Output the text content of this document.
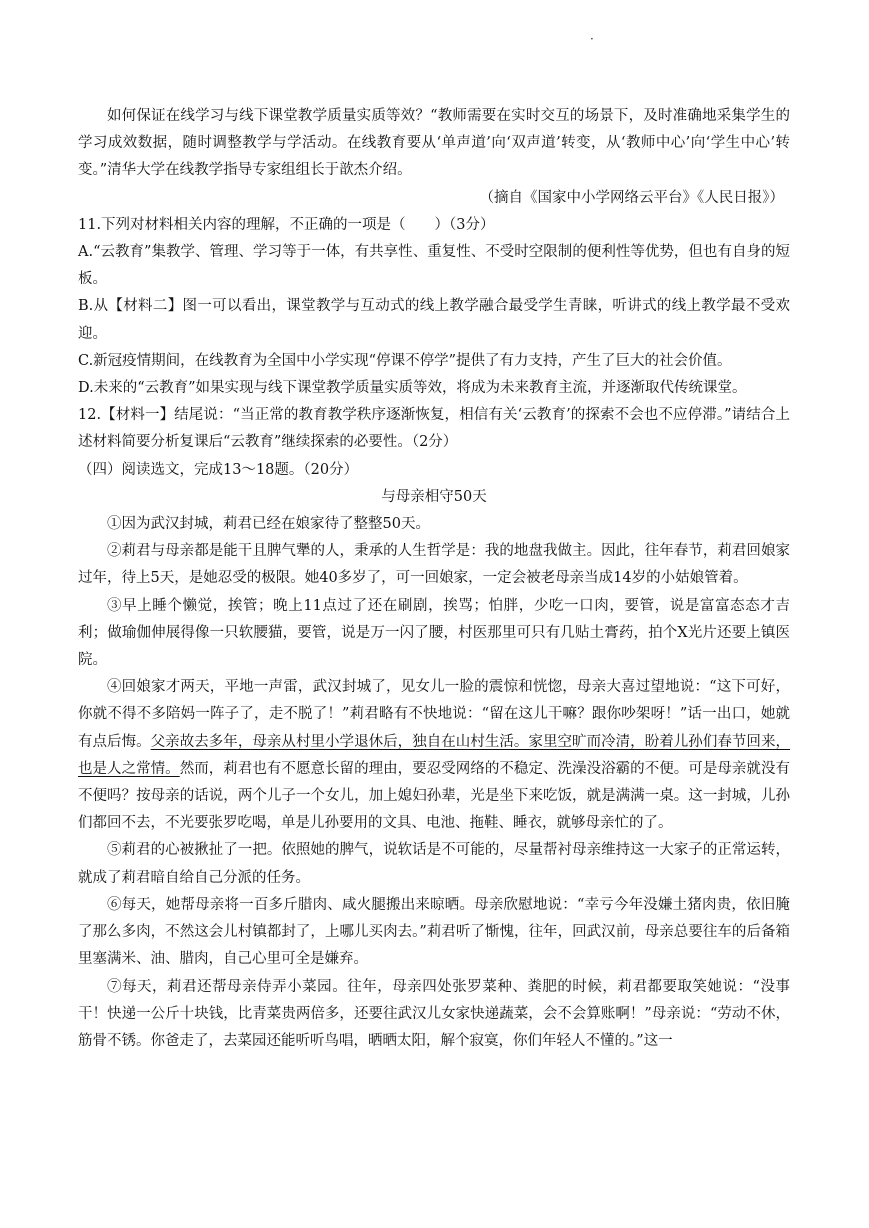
·

如何保证在线学习与线下课堂教学质量实质等效？“教师需要在实时交互的场景下，及时准确地采集学生的学习成效数据，随时调整教学与学活动。在线教育要从‘单声道’向‘双声道’转变，从‘教师中心’向‘学生中心’转变。”清华大学在线教学指导专家组组长于歆杰介绍。

（摘自《国家中小学网络云平台》《人民日报》）

11.下列对材料相关内容的理解，不正确的一项是（　　）（3分）

A.“云教育”集教学、管理、学习等于一体，有共享性、重复性、不受时空限制的便利性等优势，但也有自身的短板。

B.从【材料二】图一可以看出，课堂教学与互动式的线上教学融合最受学生青睐，听讲式的线上教学最不受欢迎。

C.新冠疫情期间，在线教育为全国中小学实现“停课不停学”提供了有力支持，产生了巨大的社会价值。

D.未来的“云教育”如果实现与线下课堂教学质量实质等效，将成为未来教育主流，并逐渐取代传统课堂。

12.【材料一】结尾说：“当正常的教育教学秩序逐渐恢复，相信有关‘云教育’的探索不会也不应停滞。”请结合上述材料简要分析复课后“云教育”继续探索的必要性。（2分）

（四）阅读选文，完成13～18题。（20分）

与母亲相守50天

①因为武汉封城，莉君已经在娘家待了整整50天。

②莉君与母亲都是能干且脾气犟的人，秉承的人生哲学是：我的地盘我做主。因此，往年春节，莉君回娘家过年，待上5天，是她忍受的极限。她40多岁了，可一回娘家，一定会被老母亲当成14岁的小姑娘管着。

③早上睡个懒觉，挨管；晚上11点过了还在刷剧，挨骂；怕胖，少吃一口肉，要管，说是富富态态才吉利；做瑜伽伸展得像一只软腰猫，要管，说是万一闪了腰，村医那里可只有几贴土膏药，拍个X光片还要上镇医院。

④回娘家才两天，平地一声雷，武汉封城了，见女儿一脸的震惊和恍惚，母亲大喜过望地说：“这下可好，你就不得不多陪妈一阵子了，走不脱了！”莉君略有不快地说：“留在这儿干嘛？跟你吵架呀！”话一出口，她就有点后悔。父亲故去多年，母亲从村里小学退休后，独自在山村生活。家里空旷而冷清，盼着儿孙们春节回来，也是人之常情。然而，莉君也有不愿意长留的理由，要忍受网络的不稳定、洗澡没浴霸的不便。可是母亲就没有不便吗？按母亲的话说，两个儿子一个女儿，加上媳妇孙辈，光是坐下来吃饭，就是满满一桌。这一封城，儿孙们都回不去，不光要张罗吃喝，单是儿孙要用的文具、电池、拖鞋、睡衣，就够母亲忙的了。

⑤莉君的心被揪扯了一把。依照她的脾气，说软话是不可能的，尽量帮衬母亲维持这一大家子的正常运转，就成了莉君暗自给自己分派的任务。

⑥每天，她帮母亲将一百多斤腊肉、咸火腿搬出来晾晒。母亲欣慰地说：“幸亏今年没嫌土猪肉贵，依旧腌了那么多肉，不然这会儿村镇都封了，上哪儿买肉去。”莉君听了惭愧，往年，回武汉前，母亲总要往车的后备箱里塞满米、油、腊肉，自己心里可全是嫌弃。

⑦每天，莉君还帮母亲侍弄小菜园。往年，母亲四处张罗菜种、粪肥的时候，莉君都要取笑她说：“没事干！快递一公斤十块钱，比青菜贵两倍多，还要往武汉儿女家快递蔬菜，会不会算账啊！”母亲说：“劳动不休，筋骨不锈。你爸走了，去菜园还能听听鸟唱，晒晒太阳，解个寂寞，你们年轻人不懂的。”这一
